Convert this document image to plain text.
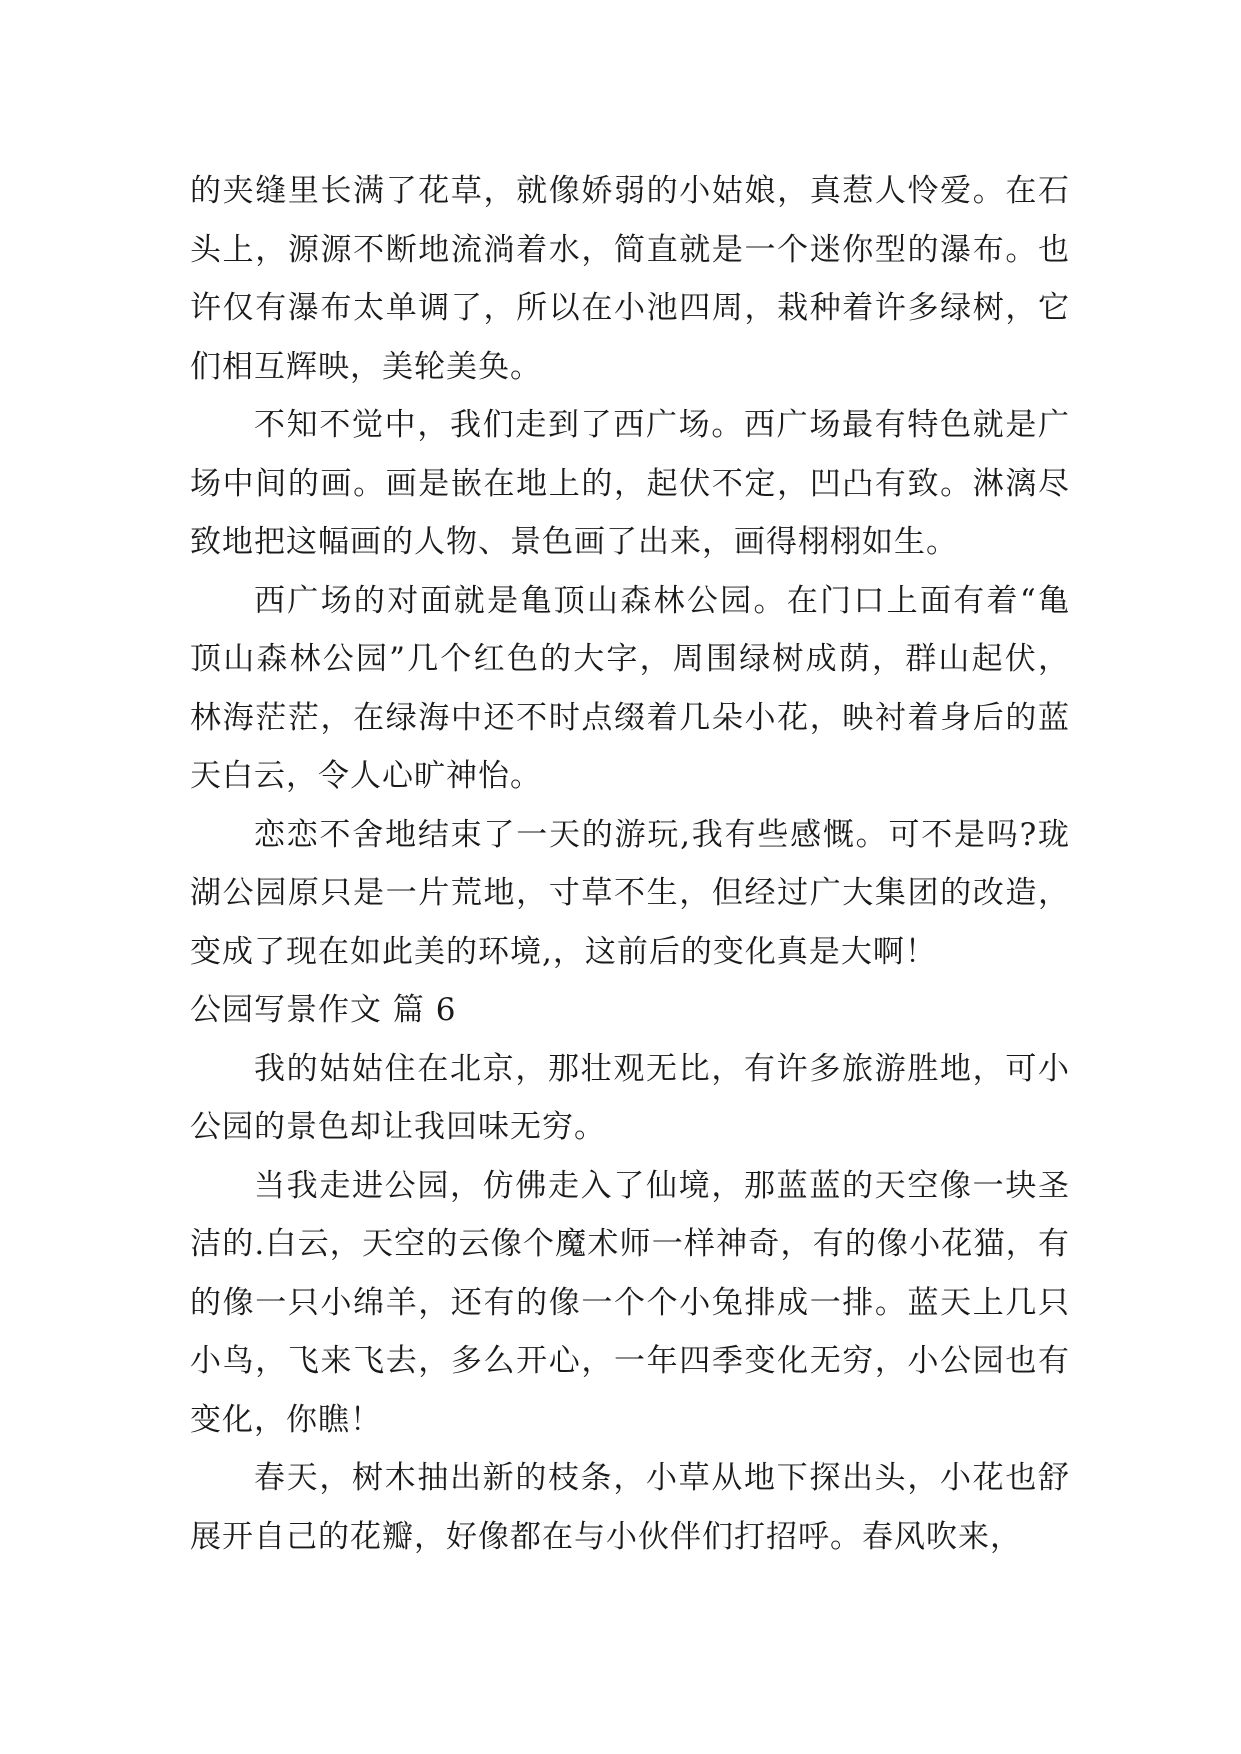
的夹缝里长满了花草，就像娇弱的小姑娘，真惹人怜爱。在石头上，源源不断地流淌着水，简直就是一个迷你型的瀑布。也许仅有瀑布太单调了，所以在小池四周，栽种着许多绿树，它们相互辉映，美轮美奂。

不知不觉中，我们走到了西广场。西广场最有特色就是广场中间的画。画是嵌在地上的，起伏不定，凹凸有致。淋漓尽致地把这幅画的人物、景色画了出来，画得栩栩如生。

西广场的对面就是亀顶山森林公园。在门口上面有着“亀顶山森林公园”几个红色的大字，周围绿树成荫，群山起伏，林海茫茫，在绿海中还不时点缀着几朵小花，映衬着身后的蓝天白云，令人心旷神怡。

恋恋不舍地结束了一天的游玩,我有些感慨。可不是吗?珑湖公园原只是一片荒地，寸草不生，但经过广大集团的改造，变成了现在如此美的环境,，这前后的变化真是大啊！

公园写景作文 篇 6

我的姑姑住在北京，那壮观无比，有许多旅游胜地，可小公园的景色却让我回味无穷。

当我走进公园，仿佛走入了仙境，那蓝蓝的天空像一块圣洁的.白云，天空的云像个魔术师一样神奇，有的像小花猫，有的像一只小绵羊，还有的像一个个小兔排成一排。蓝天上几只小鸟，飞来飞去，多么开心，一年四季变化无穷，小公园也有变化，你瞧！

春天，树木抽出新的枝条，小草从地下探出头，小花也舒展开自己的花瓣，好像都在与小伙伴们打招呼。春风吹来，
